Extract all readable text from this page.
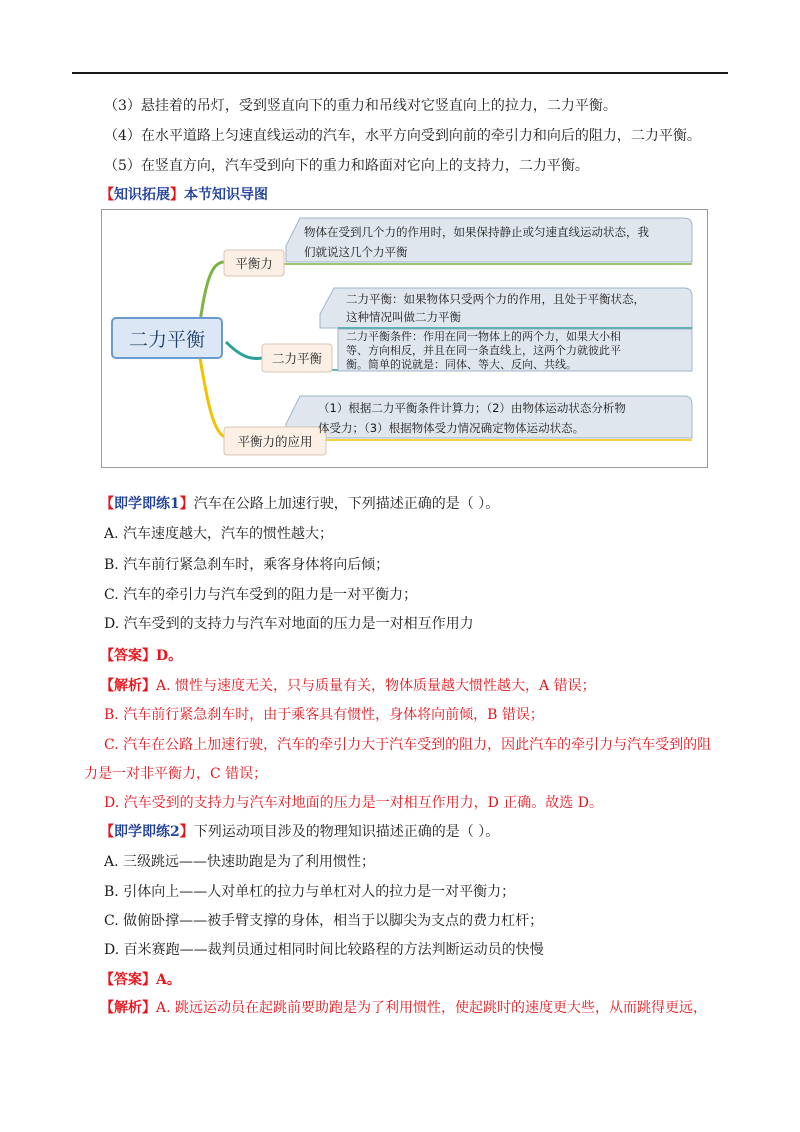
（3）悬挂着的吊灯，受到竖直向下的重力和吊线对它竖直向上的拉力，二力平衡。
（4）在水平道路上匀速直线运动的汽车，水平方向受到向前的牵引力和向后的阻力，二力平衡。
（5）在竖直方向，汽车受到向下的重力和路面对它向上的支持力，二力平衡。
【知识拓展】本节知识导图
二力平衡
平衡力
二力平衡
平衡力的应用
物体在受到几个力的作用时，如果保持静止或匀速直线运动状态，我
们就说这几个力平衡
二力平衡：如果物体只受两个力的作用，且处于平衡状态，
这种情况叫做二力平衡
二力平衡条件：作用在同一物体上的两个力，如果大小相
等、方向相反，并且在同一条直线上，这两个力就彼此平
衡。简单的说就是：同体、等大、反向、共线。
（1）根据二力平衡条件计算力；（2）由物体运动状态分析物
体受力；（3）根据物体受力情况确定物体运动状态。
【即学即练1】汽车在公路上加速行驶，下列描述正确的是（ ）。
A. 汽车速度越大，汽车的惯性越大；
B. 汽车前行紧急刹车时，乘客身体将向后倾；
C. 汽车的牵引力与汽车受到的阻力是一对平衡力；
D. 汽车受到的支持力与汽车对地面的压力是一对相互作用力
【答案】D。
【解析】A. 惯性与速度无关，只与质量有关，物体质量越大惯性越大，A 错误；
B. 汽车前行紧急刹车时，由于乘客具有惯性，身体将向前倾，B 错误；
C. 汽车在公路上加速行驶，汽车的牵引力大于汽车受到的阻力，因此汽车的牵引力与汽车受到的阻
力是一对非平衡力，C 错误；
D. 汽车受到的支持力与汽车对地面的压力是一对相互作用力，D 正确。故选 D。
【即学即练2】下列运动项目涉及的物理知识描述正确的是（ ）。
A. 三级跳远——快速助跑是为了利用惯性；
B. 引体向上——人对单杠的拉力与单杠对人的拉力是一对平衡力；
C. 做俯卧撑——被手臂支撑的身体，相当于以脚尖为支点的费力杠杆；
D. 百米赛跑——裁判员通过相同时间比较路程的方法判断运动员的快慢
【答案】A。
【解析】A. 跳远运动员在起跳前要助跑是为了利用惯性，使起跳时的速度更大些，从而跳得更远，
